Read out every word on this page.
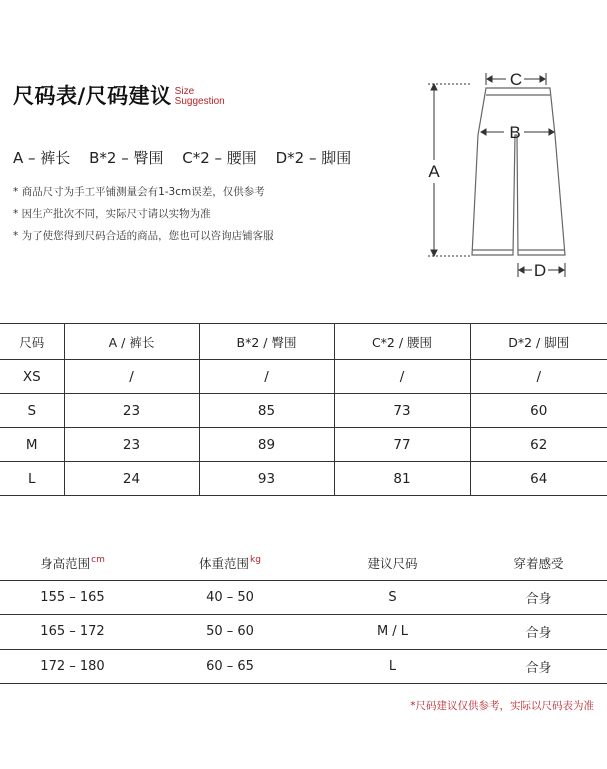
尺码表/尺码建议 Size
Suggestion
A – 裤长 B*2 – 臀围 C*2 – 腰围 D*2 – 脚围
* 商品尺寸为手工平铺测量会有1-3cm误差，仅供参考
* 因生产批次不同，实际尺寸请以实物为准
* 为了使您得到尺码合适的商品，您也可以咨询店铺客服
C
B
A
D
尺码	A / 裤长	B*2 / 臀围	C*2 / 腰围	D*2 / 脚围
XS	/	/	/	/
S	23	85	73	60
M	23	89	77	62
L	24	93	81	64
身高范围$^{cm}$	体重范围$^{kg}$	建议尺码	穿着感受
155 – 165	40 – 50	S	合身
165 – 172	50 – 60	M / L	合身
172 – 180	60 – 65	L	合身
*尺码建议仅供参考，实际以尺码表为准
